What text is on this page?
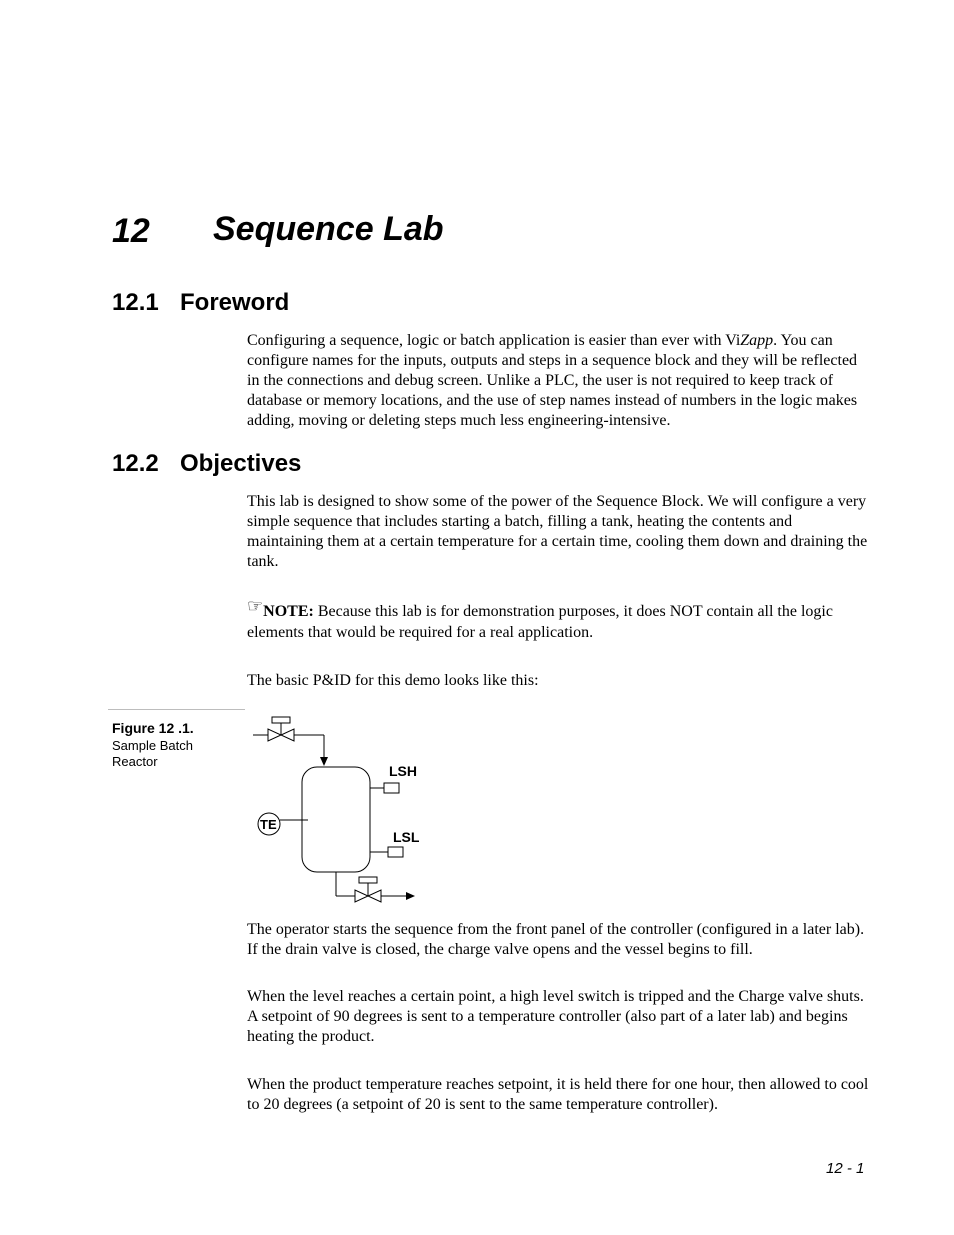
12 Sequence Lab
12.1 Foreword
Configuring a sequence, logic or batch application is easier than ever with ViZapp. You can configure names for the inputs, outputs and steps in a sequence block and they will be reflected in the connections and debug screen. Unlike a PLC, the user is not required to keep track of database or memory locations, and the use of step names instead of numbers in the logic makes adding, moving or deleting steps much less engineering-intensive.
12.2 Objectives
This lab is designed to show some of the power of the Sequence Block. We will configure a very simple sequence that includes starting a batch, filling a tank, heating the contents and maintaining them at a certain temperature for a certain time, cooling them down and draining the tank.
☞NOTE: Because this lab is for demonstration purposes, it does NOT contain all the logic elements that would be required for a real application.
The basic P&ID for this demo looks like this:
Figure 12 .1.
Sample Batch Reactor
LSH
LSL
TE
The operator starts the sequence from the front panel of the controller (configured in a later lab). If the drain valve is closed, the charge valve opens and the vessel begins to fill.
When the level reaches a certain point, a high level switch is tripped and the Charge valve shuts. A setpoint of 90 degrees is sent to a temperature controller (also part of a later lab) and begins heating the product.
When the product temperature reaches setpoint, it is held there for one hour, then allowed to cool to 20 degrees (a setpoint of 20 is sent to the same temperature controller).
12 - 1
